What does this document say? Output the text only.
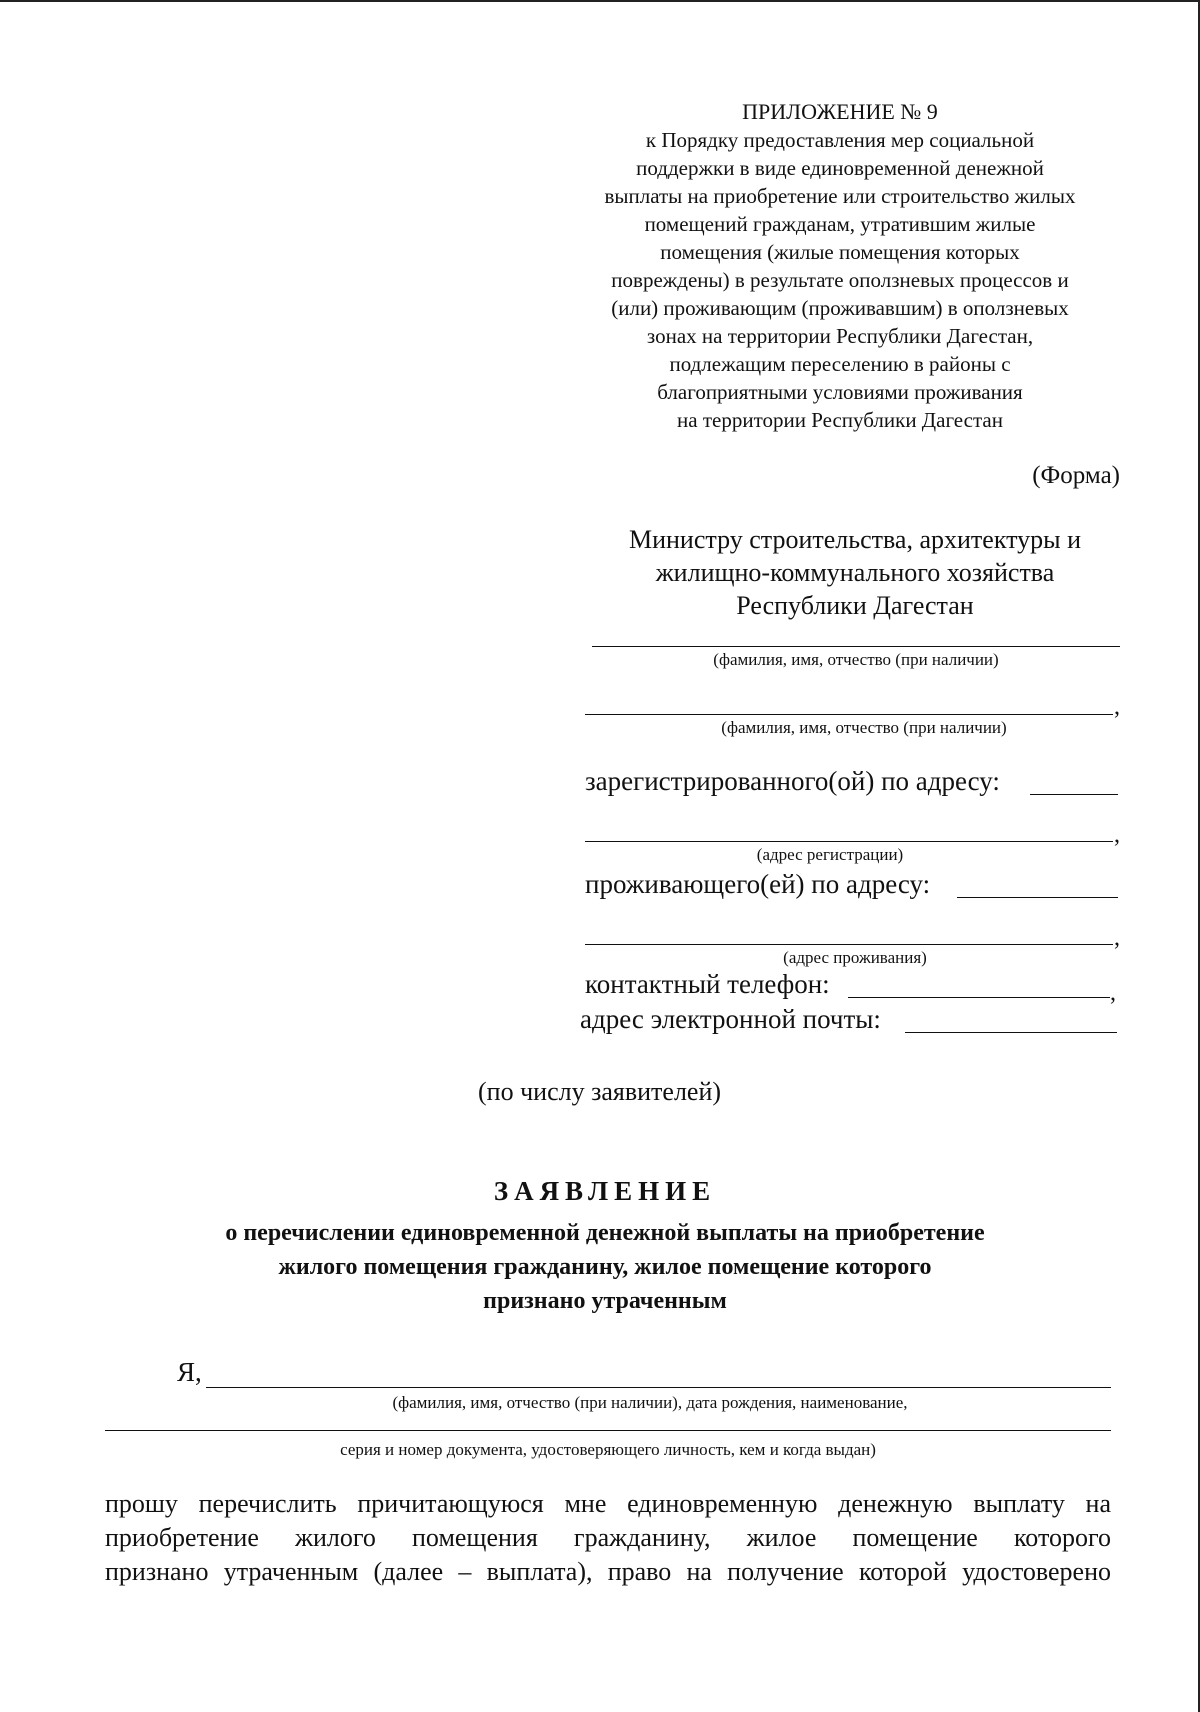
ПРИЛОЖЕНИЕ № 9
к Порядку предоставления мер социальной
поддержки в виде единовременной денежной
выплаты на приобретение или строительство жилых
помещений гражданам, утратившим жилые
помещения (жилые помещения которых
повреждены) в результате оползневых процессов и
(или) проживающим (проживавшим) в оползневых
зонах на территории Республики Дагестан,
подлежащим переселению в районы с
благоприятными условиями проживания
на территории Республики Дагестан
(Форма)
Министру строительства, архитектуры и
жилищно-коммунального хозяйства
Республики Дагестан
(фамилия, имя, отчество (при наличии)
,
(фамилия, имя, отчество (при наличии)
зарегистрированного(ой) по адресу:
,
(адрес регистрации)
проживающего(ей) по адресу:
,
(адрес проживания)
контактный телефон:	,
адрес электронной почты:
(по числу заявителей)
ЗАЯВЛЕНИЕ
о перечислении единовременной денежной выплаты на приобретение
жилого помещения гражданину, жилое помещение которого
признано утраченным
Я,
(фамилия, имя, отчество (при наличии), дата рождения, наименование,
серия и номер документа, удостоверяющего личность, кем и когда выдан)
прошу перечислить причитающуюся мне единовременную денежную выплату на
приобретение жилого помещения гражданину, жилое помещение которого
признано утраченным (далее – выплата), право на получение которой удостоверено
